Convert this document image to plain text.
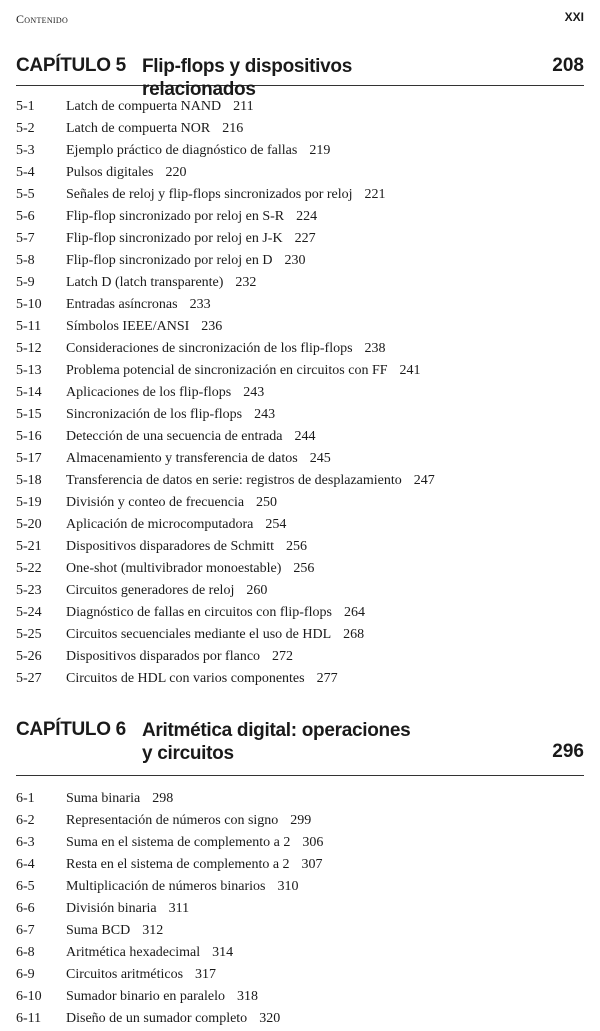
Contenido	XXI
CAPÍTULO 5 Flip-flops y dispositivos relacionados
208
5-1 Latch de compuerta NAND 211
5-2 Latch de compuerta NOR 216
5-3 Ejemplo práctico de diagnóstico de fallas 219
5-4 Pulsos digitales 220
5-5 Señales de reloj y flip-flops sincronizados por reloj 221
5-6 Flip-flop sincronizado por reloj en S-R 224
5-7 Flip-flop sincronizado por reloj en J-K 227
5-8 Flip-flop sincronizado por reloj en D 230
5-9 Latch D (latch transparente) 232
5-10 Entradas asíncronas 233
5-11 Símbolos IEEE/ANSI 236
5-12 Consideraciones de sincronización de los flip-flops 238
5-13 Problema potencial de sincronización en circuitos con FF 241
5-14 Aplicaciones de los flip-flops 243
5-15 Sincronización de los flip-flops 243
5-16 Detección de una secuencia de entrada 244
5-17 Almacenamiento y transferencia de datos 245
5-18 Transferencia de datos en serie: registros de desplazamiento 247
5-19 División y conteo de frecuencia 250
5-20 Aplicación de microcomputadora 254
5-21 Dispositivos disparadores de Schmitt 256
5-22 One-shot (multivibrador monoestable) 256
5-23 Circuitos generadores de reloj 260
5-24 Diagnóstico de fallas en circuitos con flip-flops 264
5-25 Circuitos secuenciales mediante el uso de HDL 268
5-26 Dispositivos disparados por flanco 272
5-27 Circuitos de HDL con varios componentes 277
CAPÍTULO 6 Aritmética digital: operaciones
y circuitos	296
6-1 Suma binaria 298
6-2 Representación de números con signo 299
6-3 Suma en el sistema de complemento a 2 306
6-4 Resta en el sistema de complemento a 2 307
6-5 Multiplicación de números binarios 310
6-6 División binaria 311
6-7 Suma BCD 312
6-8 Aritmética hexadecimal 314
6-9 Circuitos aritméticos 317
6-10 Sumador binario en paralelo 318
6-11 Diseño de un sumador completo 320
